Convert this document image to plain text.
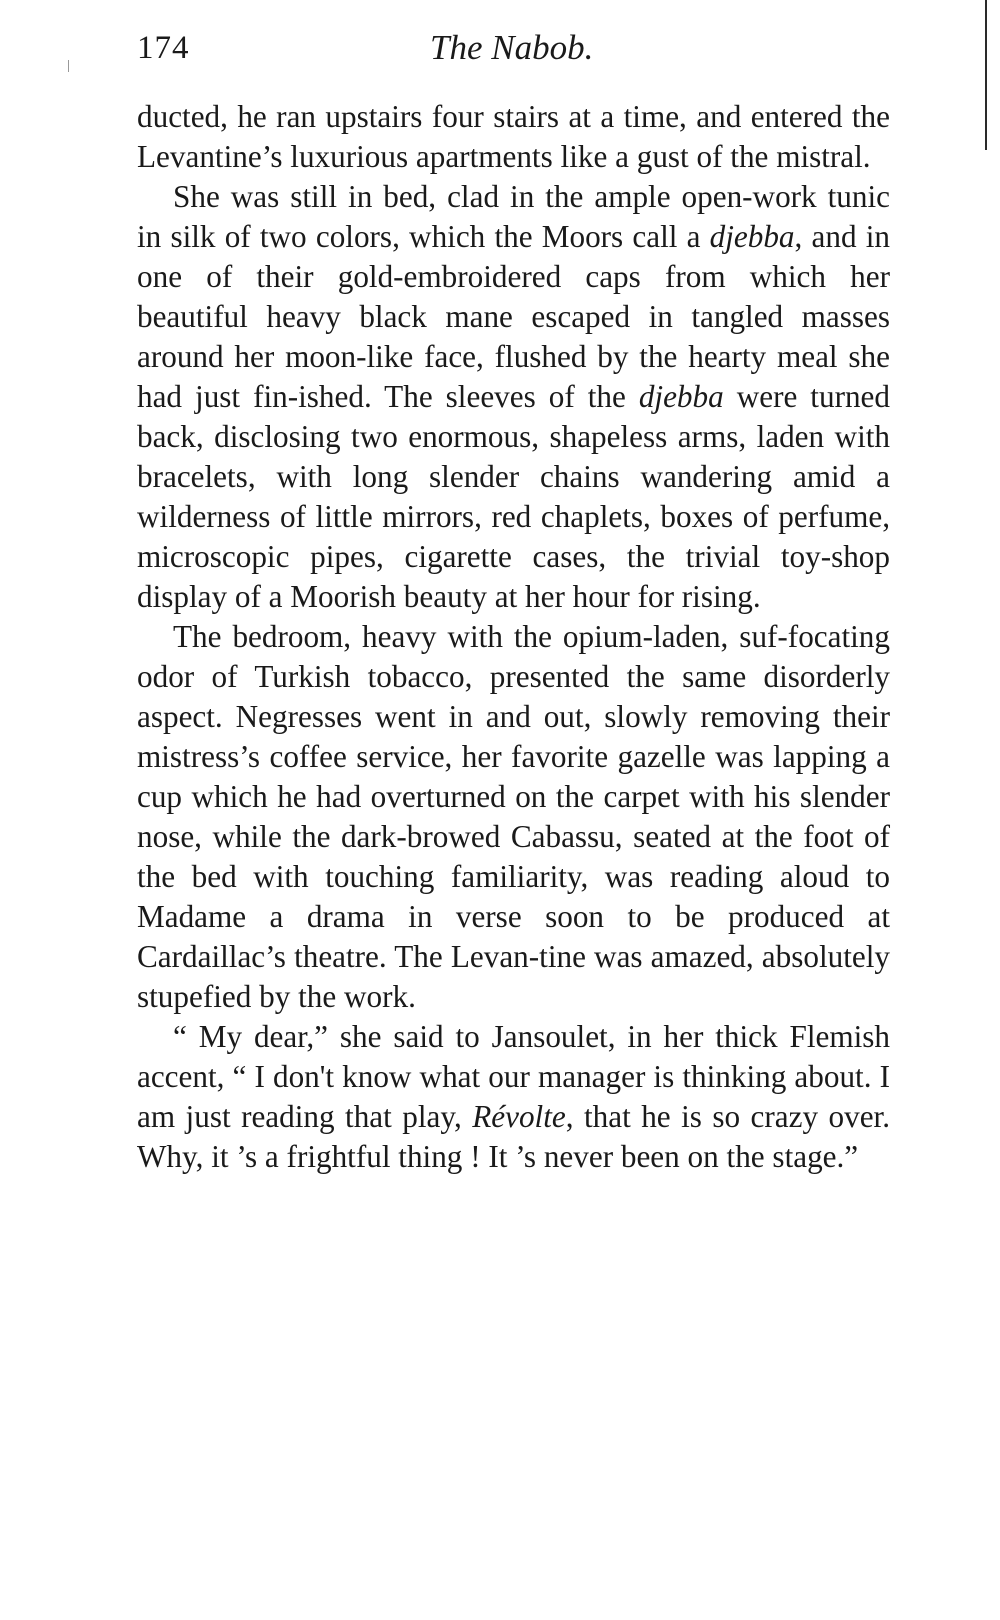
174	The Nabob.

ducted, he ran upstairs four stairs at a time, and entered the Levantine’s luxurious apartments like a gust of the mistral.

She was still in bed, clad in the ample open-work tunic in silk of two colors, which the Moors call a djebba, and in one of their gold-embroidered caps from which her beautiful heavy black mane escaped in tangled masses around her moon-like face, flushed by the hearty meal she had just fin-ished. The sleeves of the djebba were turned back, disclosing two enormous, shapeless arms, laden with bracelets, with long slender chains wandering amid a wilderness of little mirrors, red chaplets, boxes of perfume, microscopic pipes, cigarette cases, the trivial toy-shop display of a Moorish beauty at her hour for rising.

The bedroom, heavy with the opium-laden, suf-focating odor of Turkish tobacco, presented the same disorderly aspect. Negresses went in and out, slowly removing their mistress’s coffee service, her favorite gazelle was lapping a cup which he had overturned on the carpet with his slender nose, while the dark-browed Cabassu, seated at the foot of the bed with touching familiarity, was reading aloud to Madame a drama in verse soon to be produced at Cardaillac’s theatre. The Levan-tine was amazed, absolutely stupefied by the work.

“ My dear,” she said to Jansoulet, in her thick Flemish accent, “ I don't know what our manager is thinking about. I am just reading that play, Révolte, that he is so crazy over. Why, it ’s a frightful thing ! It ’s never been on the stage.”
